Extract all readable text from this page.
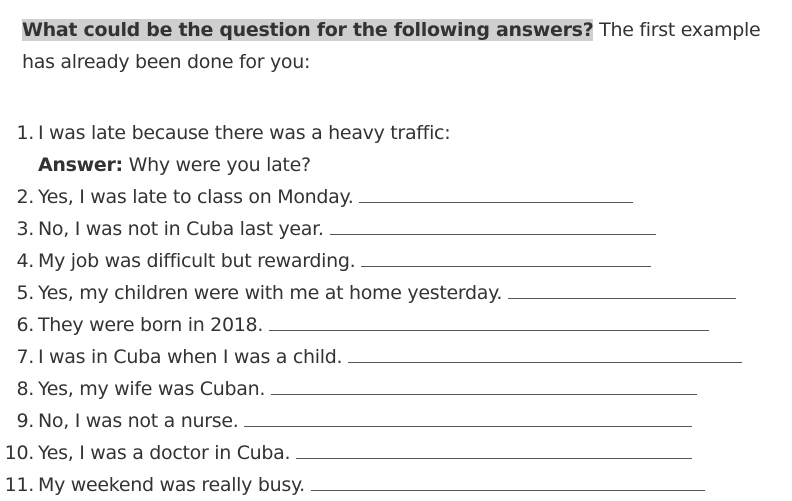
What could be the question for the following answers? The first example has already been done for you:
1. I was late because there was a heavy traffic:
Answer: Why were you late?
2. Yes, I was late to class on Monday.
3. No, I was not in Cuba last year.
4. My job was difficult but rewarding.
5. Yes, my children were with me at home yesterday.
6. They were born in 2018.
7. I was in Cuba when I was a child.
8. Yes, my wife was Cuban.
9. No, I was not a nurse.
10. Yes, I was a doctor in Cuba.
11. My weekend was really busy.
